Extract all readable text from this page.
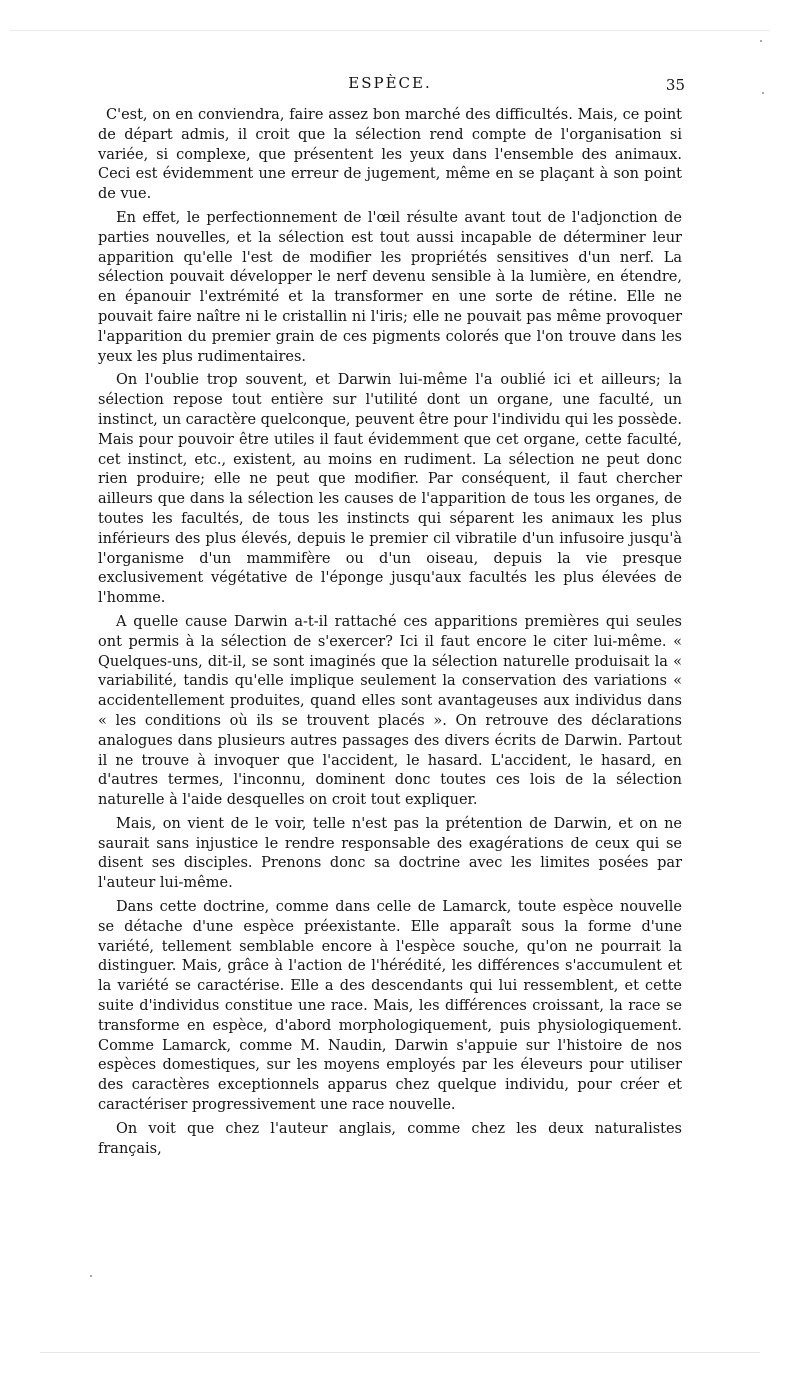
ESPÈCE.	35

C'est, on en conviendra, faire assez bon marché des difficultés. Mais, ce point de départ admis, il croit que la sélection rend compte de l'organisation si variée, si complexe, que présentent les yeux dans l'ensemble des animaux. Ceci est évidemment une erreur de jugement, même en se plaçant à son point de vue.

En effet, le perfectionnement de l'œil résulte avant tout de l'adjonction de parties nouvelles, et la sélection est tout aussi incapable de déterminer leur apparition qu'elle l'est de modifier les propriétés sensitives d'un nerf. La sélection pouvait développer le nerf devenu sensible à la lumière, en étendre, en épanouir l'extrémité et la transformer en une sorte de rétine. Elle ne pouvait faire naître ni le cristallin ni l'iris; elle ne pouvait pas même provoquer l'apparition du premier grain de ces pigments colorés que l'on trouve dans les yeux les plus rudimentaires.

On l'oublie trop souvent, et Darwin lui-même l'a oublié ici et ailleurs; la sélection repose tout entière sur l'utilité dont un organe, une faculté, un instinct, un caractère quelconque, peuvent être pour l'individu qui les possède. Mais pour pouvoir être utiles il faut évidemment que cet organe, cette faculté, cet instinct, etc., existent, au moins en rudiment. La sélection ne peut donc rien produire; elle ne peut que modifier. Par conséquent, il faut chercher ailleurs que dans la sélection les causes de l'apparition de tous les organes, de toutes les facultés, de tous les instincts qui séparent les animaux les plus inférieurs des plus élevés, depuis le premier cil vibratile d'un infusoire jusqu'à l'organisme d'un mammifère ou d'un oiseau, depuis la vie presque exclusivement végétative de l'éponge jusqu'aux facultés les plus élevées de l'homme.

A quelle cause Darwin a-t-il rattaché ces apparitions premières qui seules ont permis à la sélection de s'exercer? Ici il faut encore le citer lui-même. « Quelques-uns, dit-il, se sont imaginés que la sélection naturelle produisait la « variabilité, tandis qu'elle implique seulement la conservation des variations « accidentellement produites, quand elles sont avantageuses aux individus dans « les conditions où ils se trouvent placés ». On retrouve des déclarations analogues dans plusieurs autres passages des divers écrits de Darwin. Partout il ne trouve à invoquer que l'accident, le hasard. L'accident, le hasard, en d'autres termes, l'inconnu, dominent donc toutes ces lois de la sélection naturelle à l'aide desquelles on croit tout expliquer.

Mais, on vient de le voir, telle n'est pas la prétention de Darwin, et on ne saurait sans injustice le rendre responsable des exagérations de ceux qui se disent ses disciples. Prenons donc sa doctrine avec les limites posées par l'auteur lui-même.

Dans cette doctrine, comme dans celle de Lamarck, toute espèce nouvelle se détache d'une espèce préexistante. Elle apparaît sous la forme d'une variété, tellement semblable encore à l'espèce souche, qu'on ne pourrait la distinguer. Mais, grâce à l'action de l'hérédité, les différences s'accumulent et la variété se caractérise. Elle a des descendants qui lui ressemblent, et cette suite d'individus constitue une race. Mais, les différences croissant, la race se transforme en espèce, d'abord morphologiquement, puis physiologiquement. Comme Lamarck, comme M. Naudin, Darwin s'appuie sur l'histoire de nos espèces domestiques, sur les moyens employés par les éleveurs pour utiliser des caractères exceptionnels apparus chez quelque individu, pour créer et caractériser progressivement une race nouvelle.

On voit que chez l'auteur anglais, comme chez les deux naturalistes français,
